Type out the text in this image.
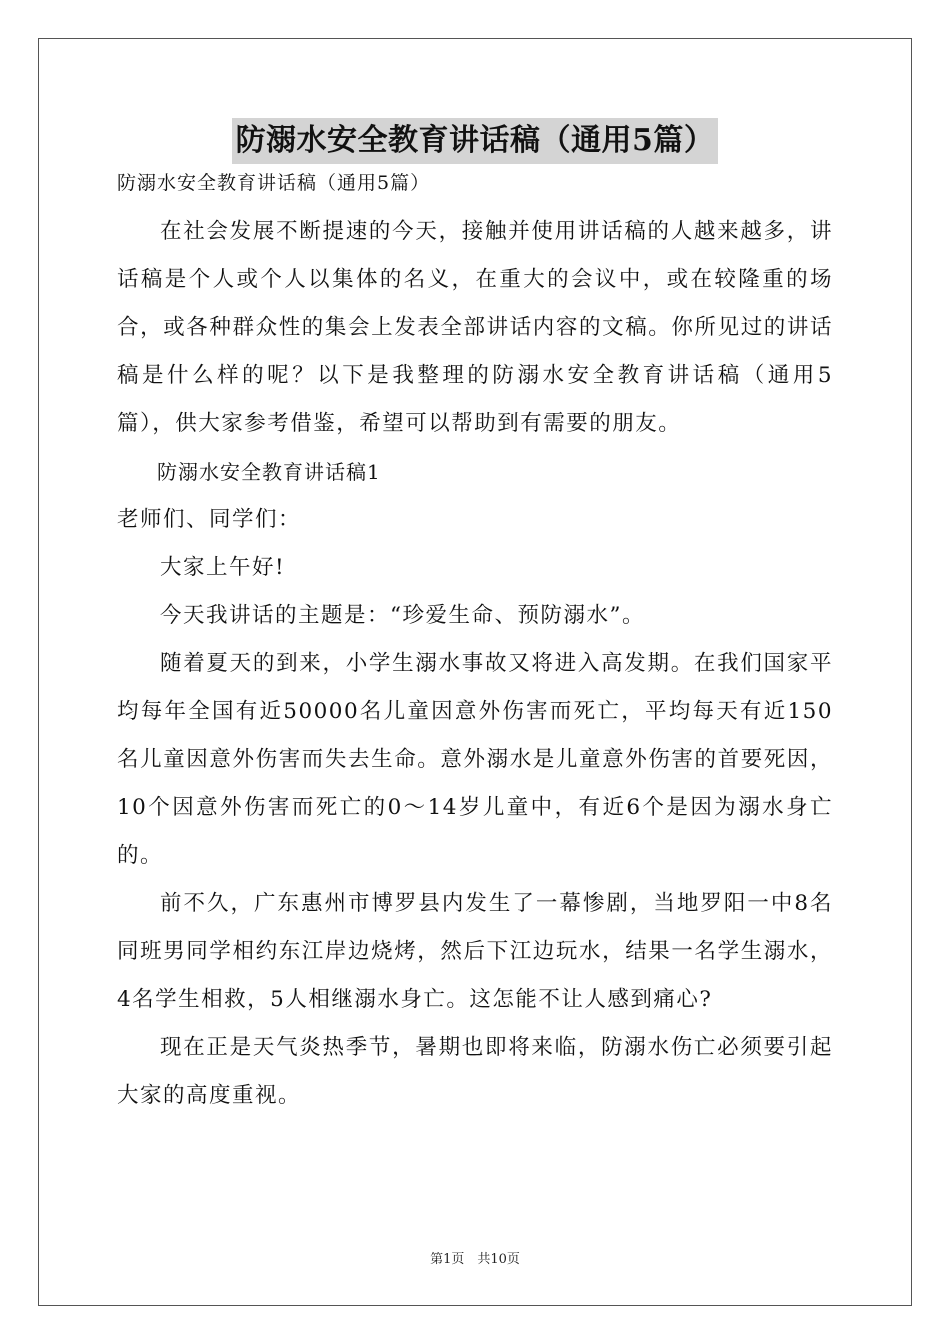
防溺水安全教育讲话稿（通用5篇）
防溺水安全教育讲话稿（通用5篇）

在社会发展不断提速的今天，接触并使用讲话稿的人越来越多，讲话稿是个人或个人以集体的名义，在重大的会议中，或在较隆重的场合，或各种群众性的集会上发表全部讲话内容的文稿。你所见过的讲话稿是什么样的呢？以下是我整理的防溺水安全教育讲话稿（通用5篇），供大家参考借鉴，希望可以帮助到有需要的朋友。

防溺水安全教育讲话稿1

老师们、同学们：

大家上午好!

今天我讲话的主题是：“珍爱生命、预防溺水”。

随着夏天的到来，小学生溺水事故又将进入高发期。在我们国家平均每年全国有近50000名儿童因意外伤害而死亡，平均每天有近150名儿童因意外伤害而失去生命。意外溺水是儿童意外伤害的首要死因，10个因意外伤害而死亡的0～14岁儿童中，有近6个是因为溺水身亡的。

前不久，广东惠州市博罗县内发生了一幕惨剧，当地罗阳一中8名同班男同学相约东江岸边烧烤，然后下江边玩水，结果一名学生溺水，4名学生相救，5人相继溺水身亡。这怎能不让人感到痛心?

现在正是天气炎热季节，暑期也即将来临，防溺水伤亡必须要引起大家的高度重视。

第1页　共10页
